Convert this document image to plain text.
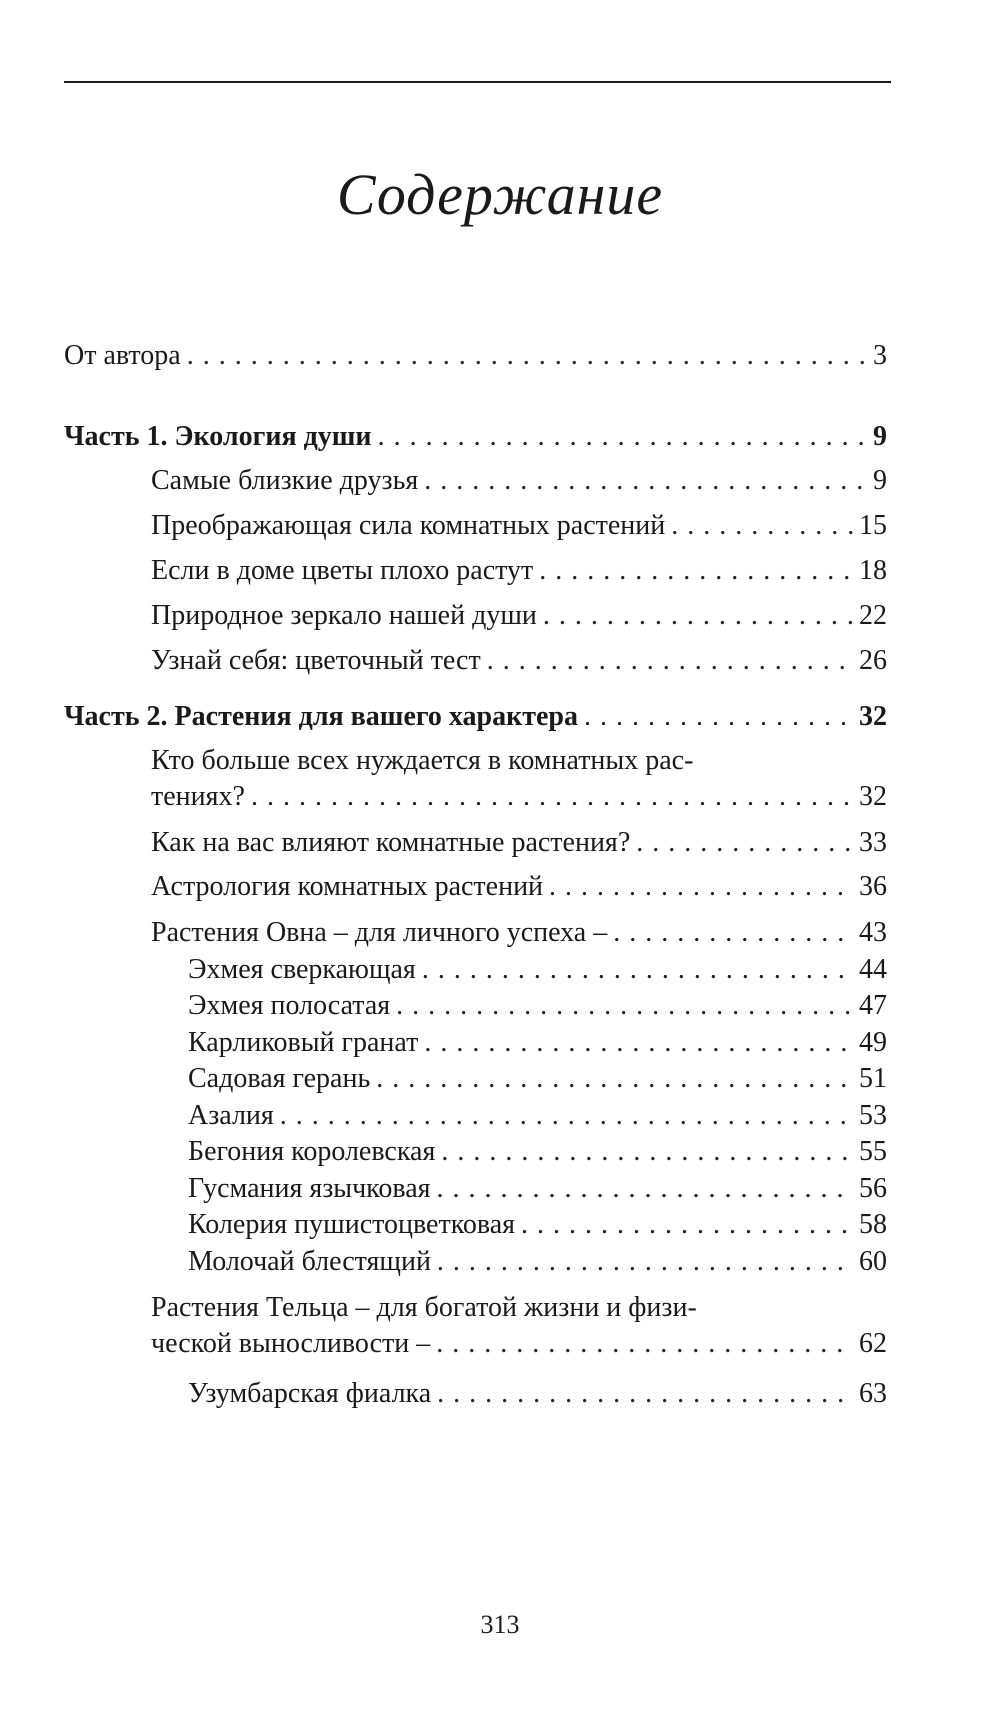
Содержание
От автора . . .	3
Часть 1. Экология души . . .	9
Самые близкие друзья . . .	9
Преображающая сила комнатных растений . . .	15
Если в доме цветы плохо растут . . .	18
Природное зеркало нашей души . . .	22
Узнай себя: цветочный тест . . .	26
Часть 2. Растения для вашего характера . . .	32
Кто больше всех нуждается в комнатных рас-
тениях? . . .	32
Как на вас влияют комнатные растения? . . .	33
Астрология комнатных растений . . .	36
Растения Овна – для личного успеха – . . .	43
Эхмея сверкающая . . .	44
Эхмея полосатая . . .	47
Карликовый гранат . . .	49
Садовая герань . . .	51
Азалия . . .	53
Бегония королевская . . .	55
Гусмания язычковая . . .	56
Колерия пушистоцветковая . . .	58
Молочай блестящий . . .	60
Растения Тельца – для богатой жизни и физи-
ческой выносливости – . . .	62
Узумбарская фиалка . . .	63
313
